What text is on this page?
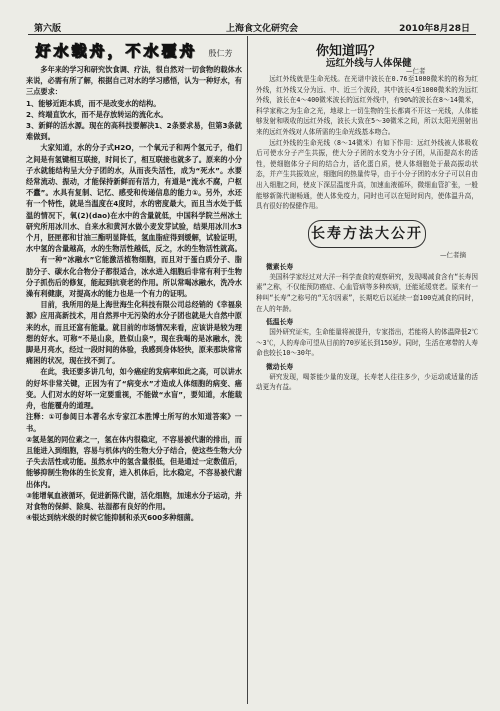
第六版	上海食文化研究会	2010年8月28日
好水载舟，不水覆舟 殷仁芳

多年来的学习和研究饮食调、疗法，很自然对一切食物的载体水来说，必需有所了解，根据自己对水的学习感悟，认为一种好水，有三点要求：

1、能够近距本质，而不是改变水的结构。

2、终端直饮水，而不是存放转运的流化水。

3、新鲜的活水源。现在的高科技要解决1、2条要求易，但第3条就难做到。

大家知道，水的分子式H2O，一个氧元子和两个氢元子，他们之间是有氢键相互联接，时间长了，相互联接也就多了。原来的小分子水就能结构呈大分子团的水，从而丧失活性，成为“死水”。水要经常流动、振动，才能保持新鲜而有活力，有道是“流水不腐，户枢不蠹”。水具有复制、记忆、感受和传递信息的能力①。另外，水还有一个特性，就是当温度在4度时，水的密度最大，而且当水处于低温的情况下，氧(2)(dao)在水中的含量就低，中国科学院兰州冰土研究所用冰川水、自来水和黄河水做小麦发芽试验，结果用冰川水3个月，胚匣都和甘油三酯明显降低，氢血脂症得到缓解，试验证明，水中氢的含量越高，水的生物活性越低，反之，水的生物活性就高。

有一种“冰融水”它能激活植物细胞，而且对于蛋白质分子、脂肪分子、碳水化合物分子都很适合，冰水进入细胞后非常有利于生物分子抓伤后的修复，能起到抗衰老的作用。所以常喝冰融水，洗冷水澡有利健康，对提高水的能力也是一个有力的证明。

目前，我所用的是上海世海生化科技有限公司总经销的《幸福泉源》应用高新技术，用自然界中无污染的水分子团也就是大自然中原来的水，而且还富有能量。就目前的市场情况来看，应该讲是较为理想的好水。可称“不是山泉，胜似山泉”，现在我喝的是冰融水，洗脚是月亮水，经过一段时间的体验，我感到身体轻快，原来那块常常痛困的状况，现在找不到了。

在此，我还要多讲几句，如今癌症的发病率如此之高，可以讲水的好坏非常关键，正因为有了“病变水”才造成人体细胞的病变、癌变。人们对水的好坏一定要重视，不能做“水盲”，要知道，水能载舟，也能覆舟的道理。

注释：①可参阅日本著名水专家江本胜博士所写的水知道答案》一书。

②氢是氢的同位素之一，氢在体内很稳定，不容易被代谢的排出，而且能进入到细胞，容易与机体内的生物大分子结合，使这些生物大分子失去活性或功能。虽然水中的氢含量很低，但是通过一定数值后，能够抑制生物体的生长发育，进入机体后，比水稳定，不容易被代谢出体内。

③能增氧血液循环，促进新陈代谢，活化细胞，加速水分子运动，并对食物的保鲜、除臭、祛湿都有良好的作用。

④银达到纳米级的时候它能抑制和杀灭600多种细菌。

你知道吗？
远红外线与人体保健
—仁者

远红外线就是生命光线。在光谱中波长在0.76至1000微米的的称为红外线，红外线又分为远、中、近三个波段，其中波长4至1000微米的为远红外线，波长在4～400微米波长的远红外线中，有90%的波长在8～14微米，科学家称之为生命之光，地球上一切生物的生长都离不开这一光线，人体能够发射和吸收的远红外线，波长大致在5～30微米之间，所以太阳光照射出来的远红外线对人体所需的生命光线基本吻合。

远红外线的生命光线（8～14微米）有如下作用：远红外线被人体吸收后可使水分子产生共振，使大分子团的水变为小分子团，从而提高水的活性，使细胞体分子间的结合力，活化蛋白质，使人体细胞处于最高振动状态，并产生共振效应，细胞间的热量传导，由于小分子团的水分子可以自由出入细胞之间，使皮下深层温度升高，加速血液循环，微细血管扩张，一般能够新陈代谢畅通，使人体免疫力，同时也可以在短时间内，使体温升高，具有很好的保健作用。

长寿方法大公开
—仁者摘
微素长寿

美国科学家经过对大洋一科学查食的观察研究，发现喝减食含有“长寿因素”之称，不仅能预防癌症、心血管病等多种疾病，还能延缓衰老。原来有一种叫“长寿”之称号的“无尔因素”，长期吃后以延续一套100克减食的同时，在人的年龄。

低温长寿

国外研究证实，生命能量将被提升，专家指出，若能将人的体温降低2℃～3℃，人的寿命可望从目前的70岁延长到150岁。同时，生活在寒带的人寿命也较长10～30年。

微动长寿

研究发现，喝茶能少量的发现，长寿老人往往多少，少运动或适量的活动更为有益。
